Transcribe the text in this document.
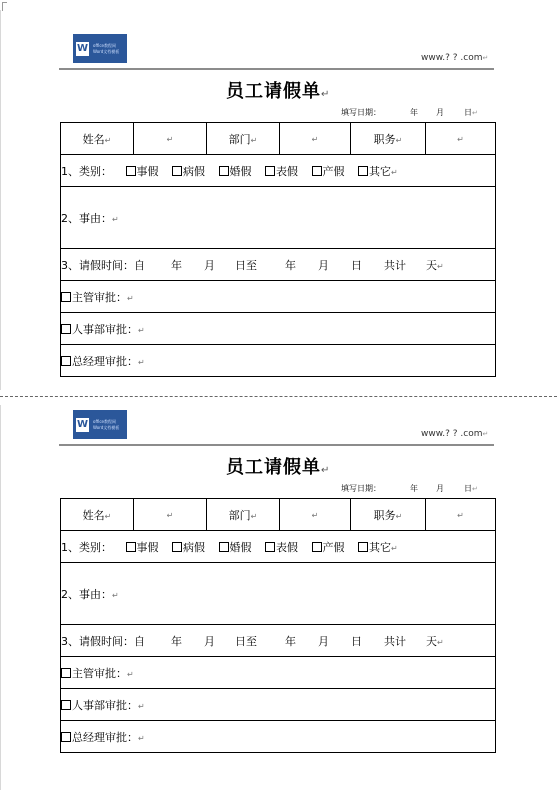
W office教程网
Word文档模板
www.? ? .com↵
员工请假单↵
填写日期：	年 月	日↵
姓名↵	↵	部门↵	↵	职务↵	↵
1、类别： 事假 病假 婚假 表假 产假 其它↵
2、事由：↵
3、请假时间：自 年 月 日至	年 月 日 共计 天↵
主管审批：↵
人事部审批：↵
总经理审批：↵
W office教程网
Word文档模板
www.? ? .com↵
员工请假单↵
填写日期：	年 月	日↵
姓名↵	↵	部门↵	↵	职务↵	↵
1、类别： 事假 病假 婚假 表假 产假 其它↵
2、事由：↵
3、请假时间：自 年 月 日至	年 月 日 共计 天↵
主管审批：↵
人事部审批：↵
总经理审批：↵
